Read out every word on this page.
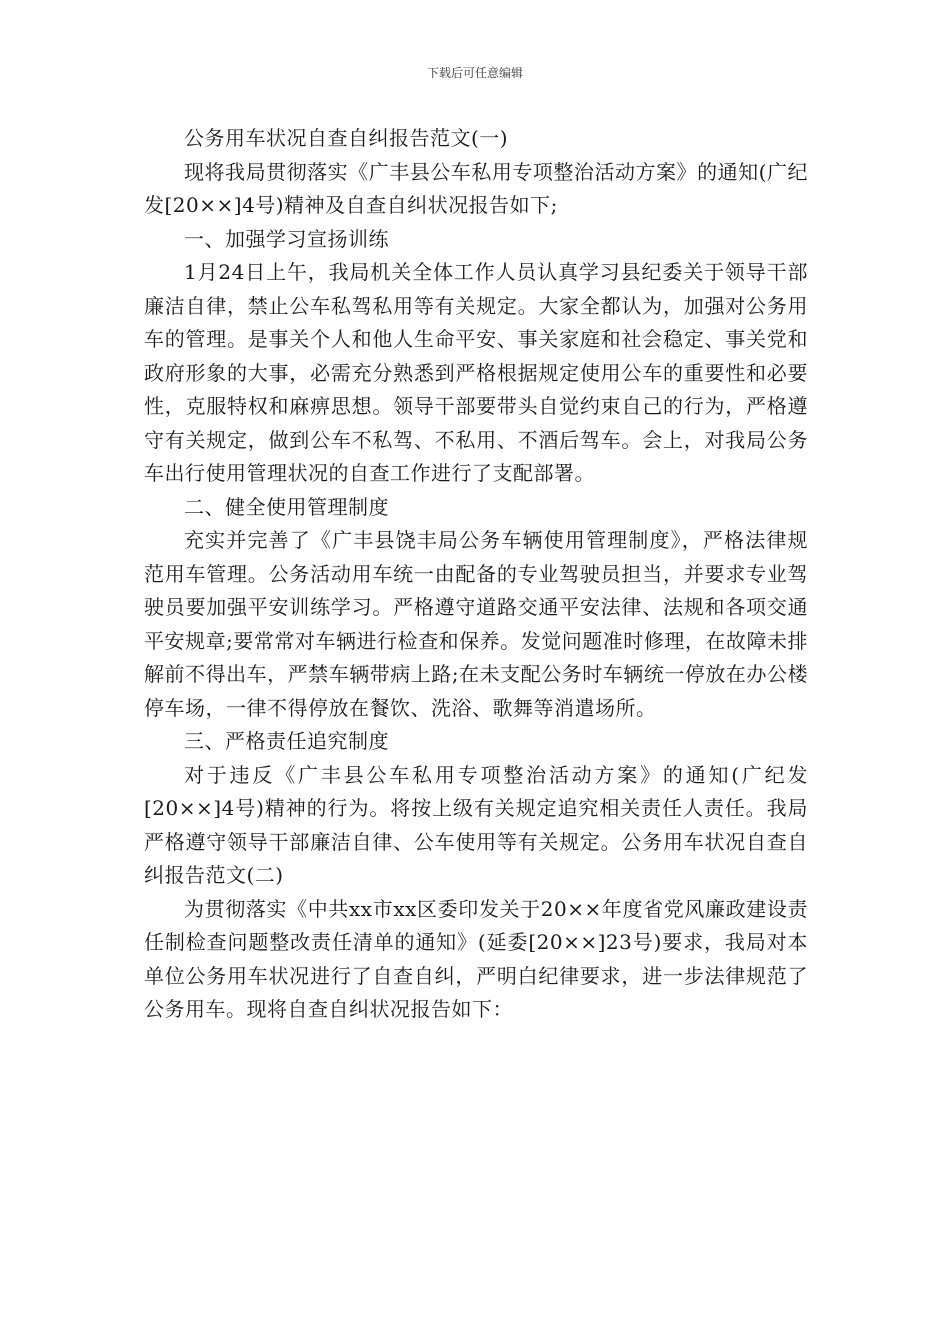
下载后可任意编辑

公务用车状况自查自纠报告范文(一)

现将我局贯彻落实《广丰县公车私用专项整治活动方案》的通知(广纪发[20××]4号)精神及自查自纠状况报告如下;

一、加强学习宣扬训练

1月24日上午，我局机关全体工作人员认真学习县纪委关于领导干部廉洁自律，禁止公车私驾私用等有关规定。大家全都认为，加强对公务用车的管理。是事关个人和他人生命平安、事关家庭和社会稳定、事关党和政府形象的大事，必需充分熟悉到严格根据规定使用公车的重要性和必要性，克服特权和麻痹思想。领导干部要带头自觉约束自己的行为，严格遵守有关规定，做到公车不私驾、不私用、不酒后驾车。会上，对我局公务车出行使用管理状况的自查工作进行了支配部署。

二、健全使用管理制度

充实并完善了《广丰县饶丰局公务车辆使用管理制度》，严格法律规范用车管理。公务活动用车统一由配备的专业驾驶员担当，并要求专业驾驶员要加强平安训练学习。严格遵守道路交通平安法律、法规和各项交通平安规章;要常常对车辆进行检查和保养。发觉问题准时修理，在故障未排解前不得出车，严禁车辆带病上路;在未支配公务时车辆统一停放在办公楼停车场，一律不得停放在餐饮、洗浴、歌舞等消遣场所。

三、严格责任追究制度

对于违反《广丰县公车私用专项整治活动方案》的通知(广纪发[20××]4号)精神的行为。将按上级有关规定追究相关责任人责任。我局严格遵守领导干部廉洁自律、公车使用等有关规定。公务用车状况自查自纠报告范文(二)

为贯彻落实《中共xx市xx区委印发关于20××年度省党风廉政建设责任制检查问题整改责任清单的通知》(延委[20××]23号)要求，我局对本单位公务用车状况进行了自查自纠，严明白纪律要求，进一步法律规范了公务用车。现将自查自纠状况报告如下：
